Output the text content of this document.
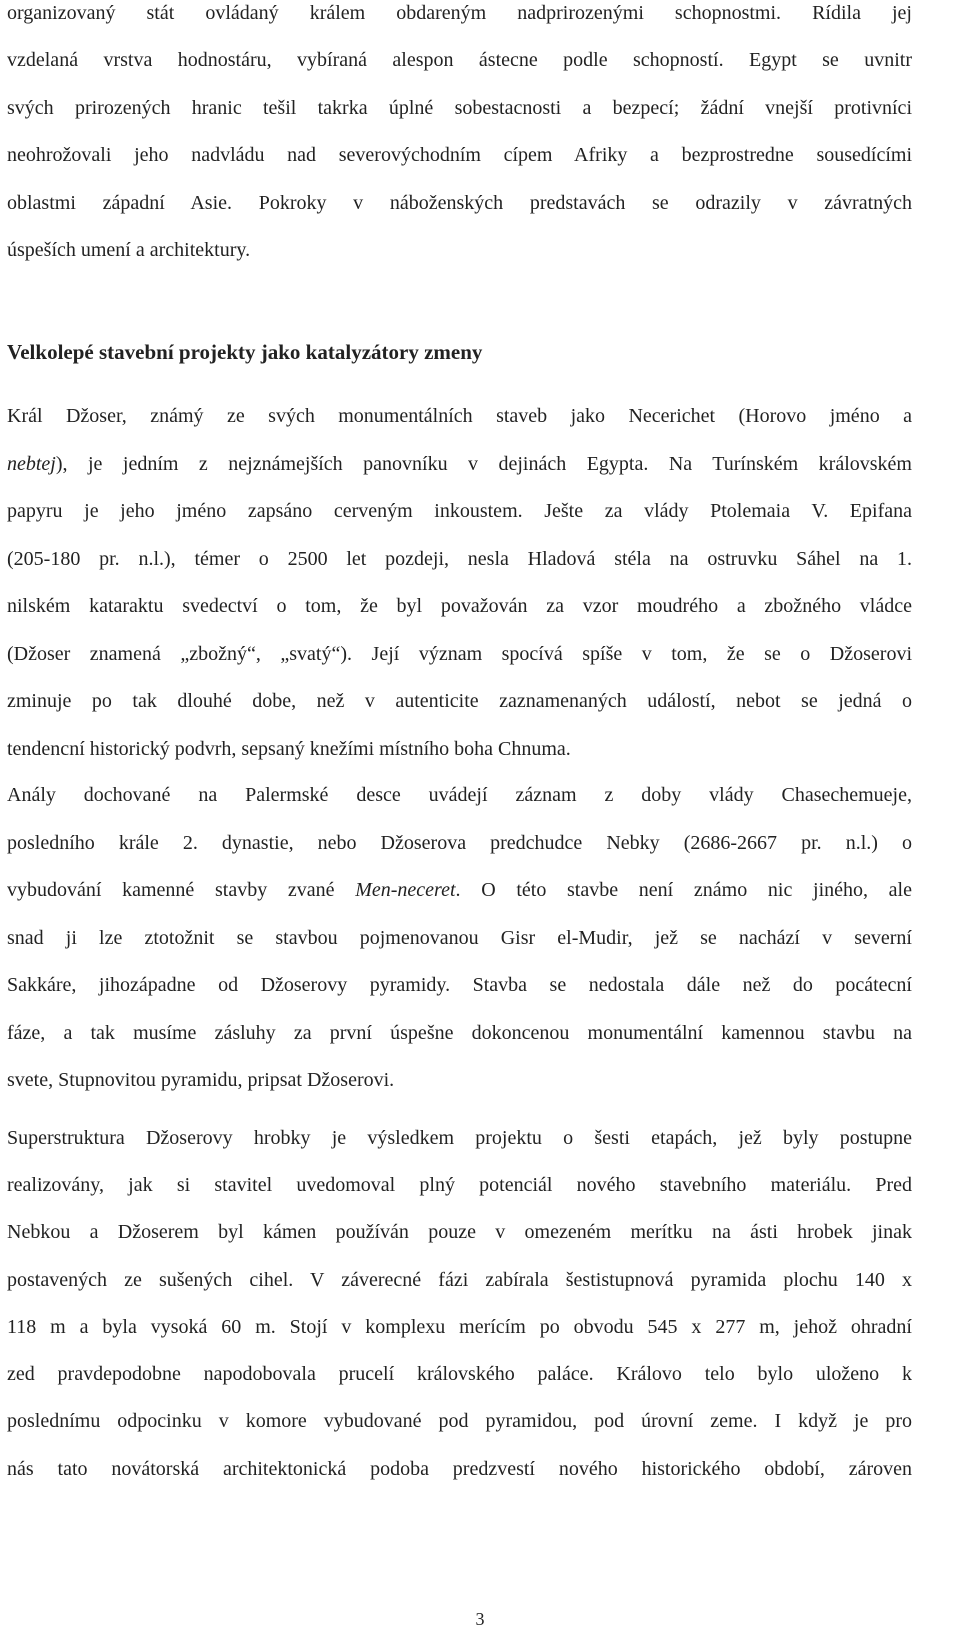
organizovaný stát ovládaný králem obdareným nadprirozenými schopnostmi. Rídila jej
vzdelaná vrstva hodnostáru, vybíraná alespon ástecne podle schopností. Egypt se uvnitr
svých prirozených hranic tešil takrka úplné sobestacnosti a bezpecí; žádní vnejší protivníci
neohrožovali jeho nadvládu nad severovýchodním cípem Afriky a bezprostredne sousedícími
oblastmi západní Asie. Pokroky v náboženských predstavách se odrazily v závratných
úspeších umení a architektury.
Velkolepé stavební projekty jako katalyzátory zmeny
Král Džoser, známý ze svých monumentálních staveb jako Necerichet (Horovo jméno a
nebtej), je jedním z nejznámejších panovníku v dejinách Egypta. Na Turínském královském
papyru je jeho jméno zapsáno cerveným inkoustem. Ješte za vlády Ptolemaia V. Epifana
(205-180 pr. n.l.), témer o 2500 let pozdeji, nesla Hladová stéla na ostruvku Sáhel na 1.
nilském kataraktu svedectví o tom, že byl považován za vzor moudrého a zbožného vládce
(Džoser znamená „zbožný“, „svatý“). Její význam spocívá spíše v tom, že se o Džoserovi
zminuje po tak dlouhé dobe, než v autenticite zaznamenaných událostí, nebot se jedná o
tendencní historický podvrh, sepsaný knežími místního boha Chnuma.
Anály dochované na Palermské desce uvádejí záznam z doby vlády Chasechemueje,
posledního krále 2. dynastie, nebo Džoserova predchudce Nebky (2686-2667 pr. n.l.) o
vybudování kamenné stavby zvané Men-neceret. O této stavbe není známo nic jiného, ale
snad ji lze ztotožnit se stavbou pojmenovanou Gisr el-Mudir, jež se nachází v severní
Sakkáre, jihozápadne od Džoserovy pyramidy. Stavba se nedostala dále než do pocátecní
fáze, a tak musíme zásluhy za první úspešne dokoncenou monumentální kamennou stavbu na
svete, Stupnovitou pyramidu, pripsat Džoserovi.
Superstruktura Džoserovy hrobky je výsledkem projektu o šesti etapách, jež byly postupne
realizovány, jak si stavitel uvedomoval plný potenciál nového stavebního materiálu. Pred
Nebkou a Džoserem byl kámen používán pouze v omezeném merítku na ásti hrobek jinak
postavených ze sušených cihel. V záverecné fázi zabírala šestistupnová pyramida plochu 140 x
118 m a byla vysoká 60 m. Stojí v komplexu merícím po obvodu 545 x 277 m, jehož ohradní
zed pravdepodobne napodobovala prucelí královského paláce. Královo telo bylo uloženo k
poslednímu odpocinku v komore vybudované pod pyramidou, pod úrovní zeme. I když je pro
nás tato novátorská architektonická podoba predzvestí nového historického období, zároven
3
